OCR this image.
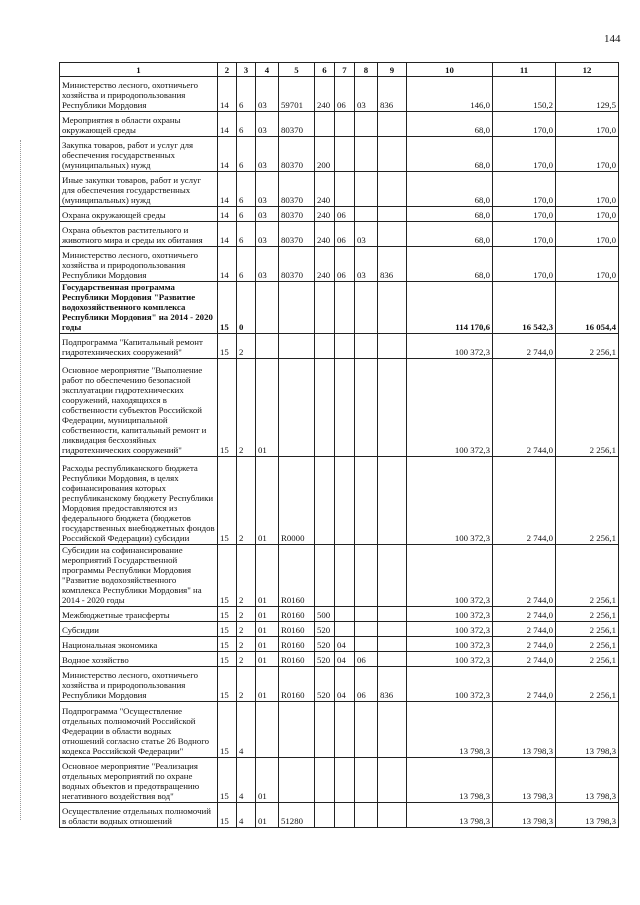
144
1	2	3	4	5	6	7	8	9	10	11	12
Министерство лесного, охотничьего хозяйства и природопользования Республики Мордовия	14	6	03	59701	240	06	03	836	146,0	150,2	129,5
Мероприятия в области охраны окружающей среды	14	6	03	80370					68,0	170,0	170,0
Закупка товаров, работ и услуг для обеспечения государственных (муниципальных) нужд	14	6	03	80370	200				68,0	170,0	170,0
Иные закупки товаров, работ и услуг для обеспечения государственных (муниципальных) нужд	14	6	03	80370	240				68,0	170,0	170,0
Охрана окружающей среды	14	6	03	80370	240	06			68,0	170,0	170,0
Охрана объектов растительного и животного мира и среды их обитания	14	6	03	80370	240	06	03		68,0	170,0	170,0
Министерство лесного, охотничьего хозяйства и природопользования Республики Мордовия	14	6	03	80370	240	06	03	836	68,0	170,0	170,0
Государственная программа Республики Мордовия "Развитие водохозяйственного комплекса Республики Мордовия" на 2014 - 2020 годы	15	0							114 170,6	16 542,3	16 054,4
Подпрограмма "Капитальный ремонт гидротехнических сооружений"	15	2							100 372,3	2 744,0	2 256,1
Основное мероприятие "Выполнение работ по обеспечению безопасной эксплуатации гидротехнических сооружений, находящихся в собственности субъектов Российской Федерации, муниципальной собственности, капитальный ремонт и ликвидация бесхозяйных гидротехнических сооружений"	15	2	01						100 372,3	2 744,0	2 256,1
Расходы республиканского бюджета Республики Мордовия, в целях софинансирования которых республиканскому бюджету Республики Мордовия предоставляются из федерального бюджета (бюджетов государственных внебюджетных фондов Российской Федерации) субсидии	15	2	01	R0000					100 372,3	2 744,0	2 256,1
Субсидии на софинансирование мероприятий Государственной программы Республики Мордовия "Развитие водохозяйственного комплекса Республики Мордовия" на 2014 - 2020 годы	15	2	01	R0160					100 372,3	2 744,0	2 256,1
Межбюджетные трансферты	15	2	01	R0160	500				100 372,3	2 744,0	2 256,1
Субсидии	15	2	01	R0160	520				100 372,3	2 744,0	2 256,1
Национальная экономика	15	2	01	R0160	520	04			100 372,3	2 744,0	2 256,1
Водное хозяйство	15	2	01	R0160	520	04	06		100 372,3	2 744,0	2 256,1
Министерство лесного, охотничьего хозяйства и природопользования Республики Мордовия	15	2	01	R0160	520	04	06	836	100 372,3	2 744,0	2 256,1
Подпрограмма "Осуществление отдельных полномочий Российской Федерации в области водных отношений согласно статье 26 Водного кодекса Российской Федерации"	15	4							13 798,3	13 798,3	13 798,3
Основное мероприятие "Реализация отдельных мероприятий по охране водных объектов и предотвращению негативного воздействия вод"	15	4	01						13 798,3	13 798,3	13 798,3
Осуществление отдельных полномочий в области водных отношений	15	4	01	51280					13 798,3	13 798,3	13 798,3
